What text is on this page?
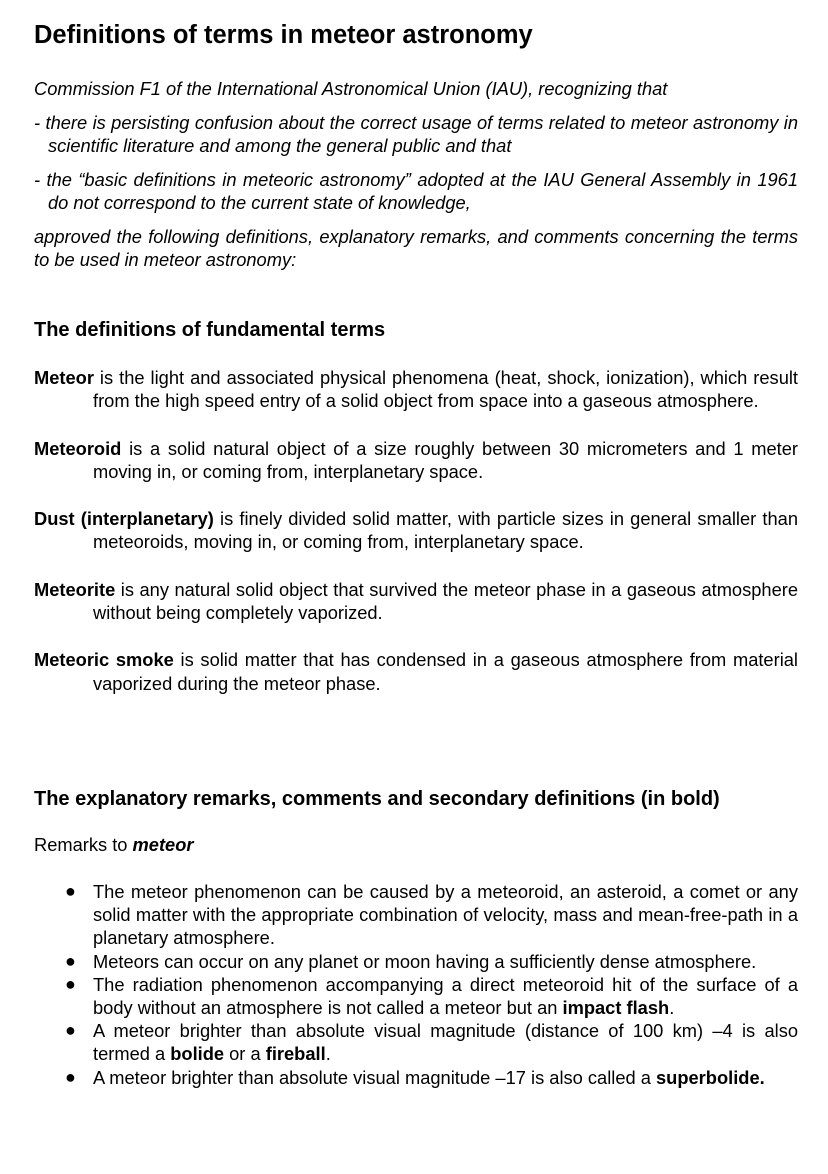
Definitions of terms in meteor astronomy

Commission F1 of the International Astronomical Union (IAU), recognizing that

- there is persisting confusion about the correct usage of terms related to meteor astronomy in scientific literature and among the general public and that

- the “basic definitions in meteoric astronomy” adopted at the IAU General Assembly in 1961 do not correspond to the current state of knowledge,

approved the following definitions, explanatory remarks, and comments concerning the terms to be used in meteor astronomy:

The definitions of fundamental terms

Meteor is the light and associated physical phenomena (heat, shock, ionization), which result from the high speed entry of a solid object from space into a gaseous atmosphere.

Meteoroid is a solid natural object of a size roughly between 30 micrometers and 1 meter moving in, or coming from, interplanetary space.

Dust (interplanetary) is finely divided solid matter, with particle sizes in general smaller than meteoroids, moving in, or coming from, interplanetary space.

Meteorite is any natural solid object that survived the meteor phase in a gaseous atmosphere without being completely vaporized.

Meteoric smoke is solid matter that has condensed in a gaseous atmosphere from material vaporized during the meteor phase.

The explanatory remarks, comments and secondary definitions (in bold)
Remarks to meteor
● The meteor phenomenon can be caused by a meteoroid, an asteroid, a comet or any solid matter with the appropriate combination of velocity, mass and mean-free-path in a planetary atmosphere.
● Meteors can occur on any planet or moon having a sufficiently dense atmosphere.
● The radiation phenomenon accompanying a direct meteoroid hit of the surface of a body without an atmosphere is not called a meteor but an impact flash.
● A meteor brighter than absolute visual magnitude (distance of 100 km) –4 is also termed a bolide or a fireball.
● A meteor brighter than absolute visual magnitude –17 is also called a superbolide.
